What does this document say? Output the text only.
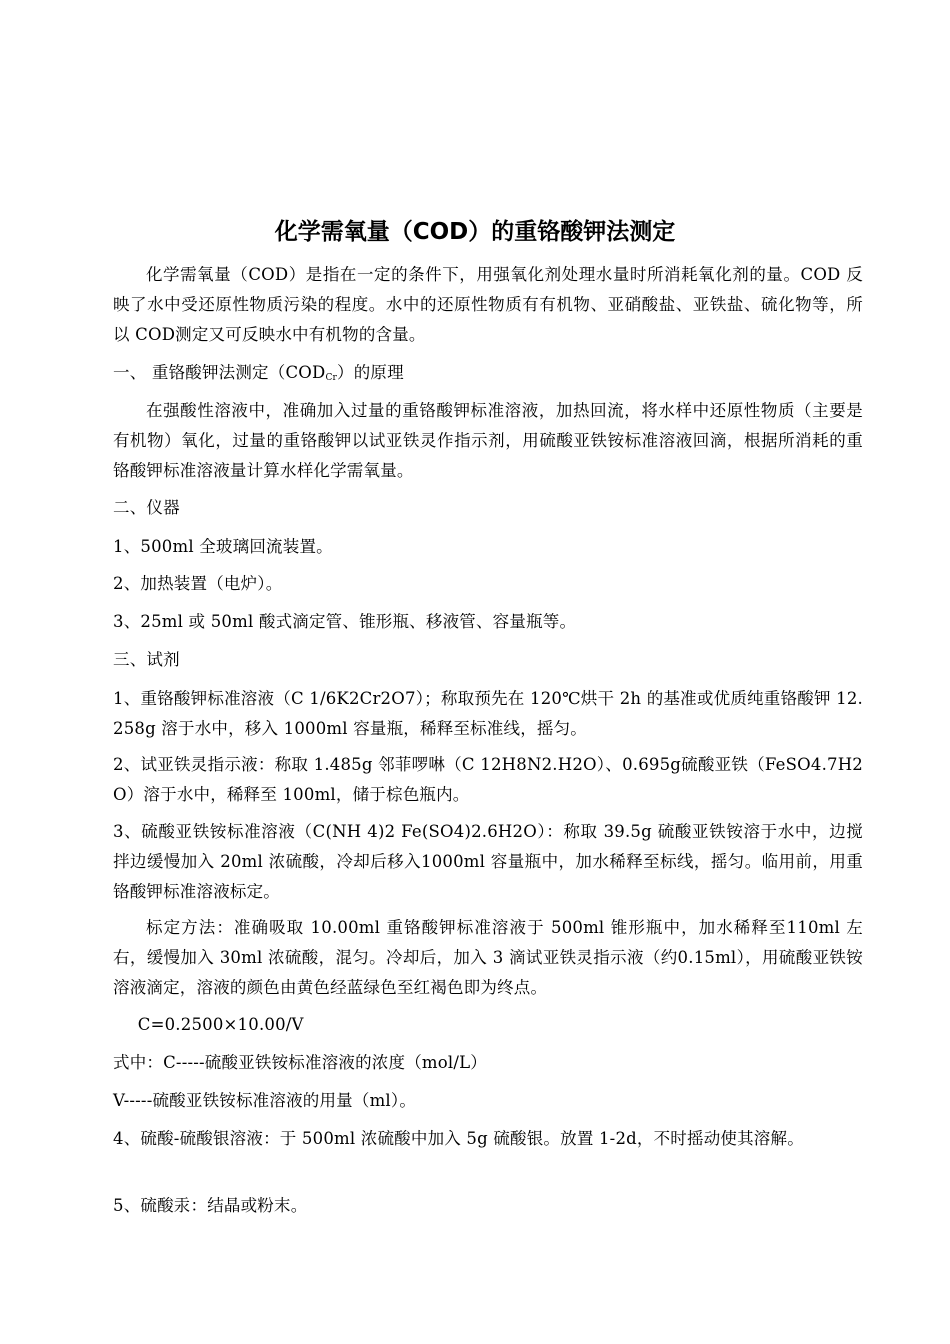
化学需氧量（COD）的重铬酸钾法测定
化学需氧量（COD）是指在一定的条件下，用强氧化剂处理水量时所消耗氧化剂的量。COD 反映了水中受还原性物质污染的程度。水中的还原性物质有有机物、亚硝酸盐、亚铁盐、硫化物等，所以 COD测定又可反映水中有机物的含量。
一、 重铬酸钾法测定$(COD_{Cr})$的原理
在强酸性溶液中，准确加入过量的重铬酸钾标准溶液，加热回流，将水样中还原性物质（主要是有机物）氧化，过量的重铬酸钾以试亚铁灵作指示剂，用硫酸亚铁铵标准溶液回滴，根据所消耗的重铬酸钾标准溶液量计算水样化学需氧量。
二、仪器
1、500ml 全玻璃回流装置。
2、加热装置（电炉）。
3、25ml 或 50ml 酸式滴定管、锥形瓶、移液管、容量瓶等。
三、试剂
1、重铬酸钾标准溶液（C 1/6K2Cr2O7）；称取预先在 120℃烘干 2h 的基准或优质纯重铬酸钾 12.258g 溶于水中，移入 1000ml 容量瓶，稀释至标准线，摇匀。
2、试亚铁灵指示液：称取 1.485g 邻菲啰啉（C 12H8N2.H2O）、0.695g硫酸亚铁（FeSO4.7H2O）溶于水中，稀释至 100ml，储于棕色瓶内。
3、硫酸亚铁铵标准溶液（C(NH 4)2 Fe(SO4)2.6H2O）：称取 39.5g 硫酸亚铁铵溶于水中，边搅拌边缓慢加入 20ml 浓硫酸，冷却后移入1000ml 容量瓶中，加水稀释至标线，摇匀。临用前，用重铬酸钾标准溶液标定。
标定方法：准确吸取 10.00ml 重铬酸钾标准溶液于 500ml 锥形瓶中，加水稀释至110ml 左右，缓慢加入 30ml 浓硫酸，混匀。冷却后，加入 3 滴试亚铁灵指示液（约0.15ml），用硫酸亚铁铵溶液滴定，溶液的颜色由黄色经蓝绿色至红褐色即为终点。
C=0.2500×10.00/V
式中：C-----硫酸亚铁铵标准溶液的浓度（mol/L）
V-----硫酸亚铁铵标准溶液的用量（ml）。
4、硫酸-硫酸银溶液：于 500ml 浓硫酸中加入 5g 硫酸银。放置 1-2d，不时摇动使其溶解。
5、硫酸汞：结晶或粉末。
